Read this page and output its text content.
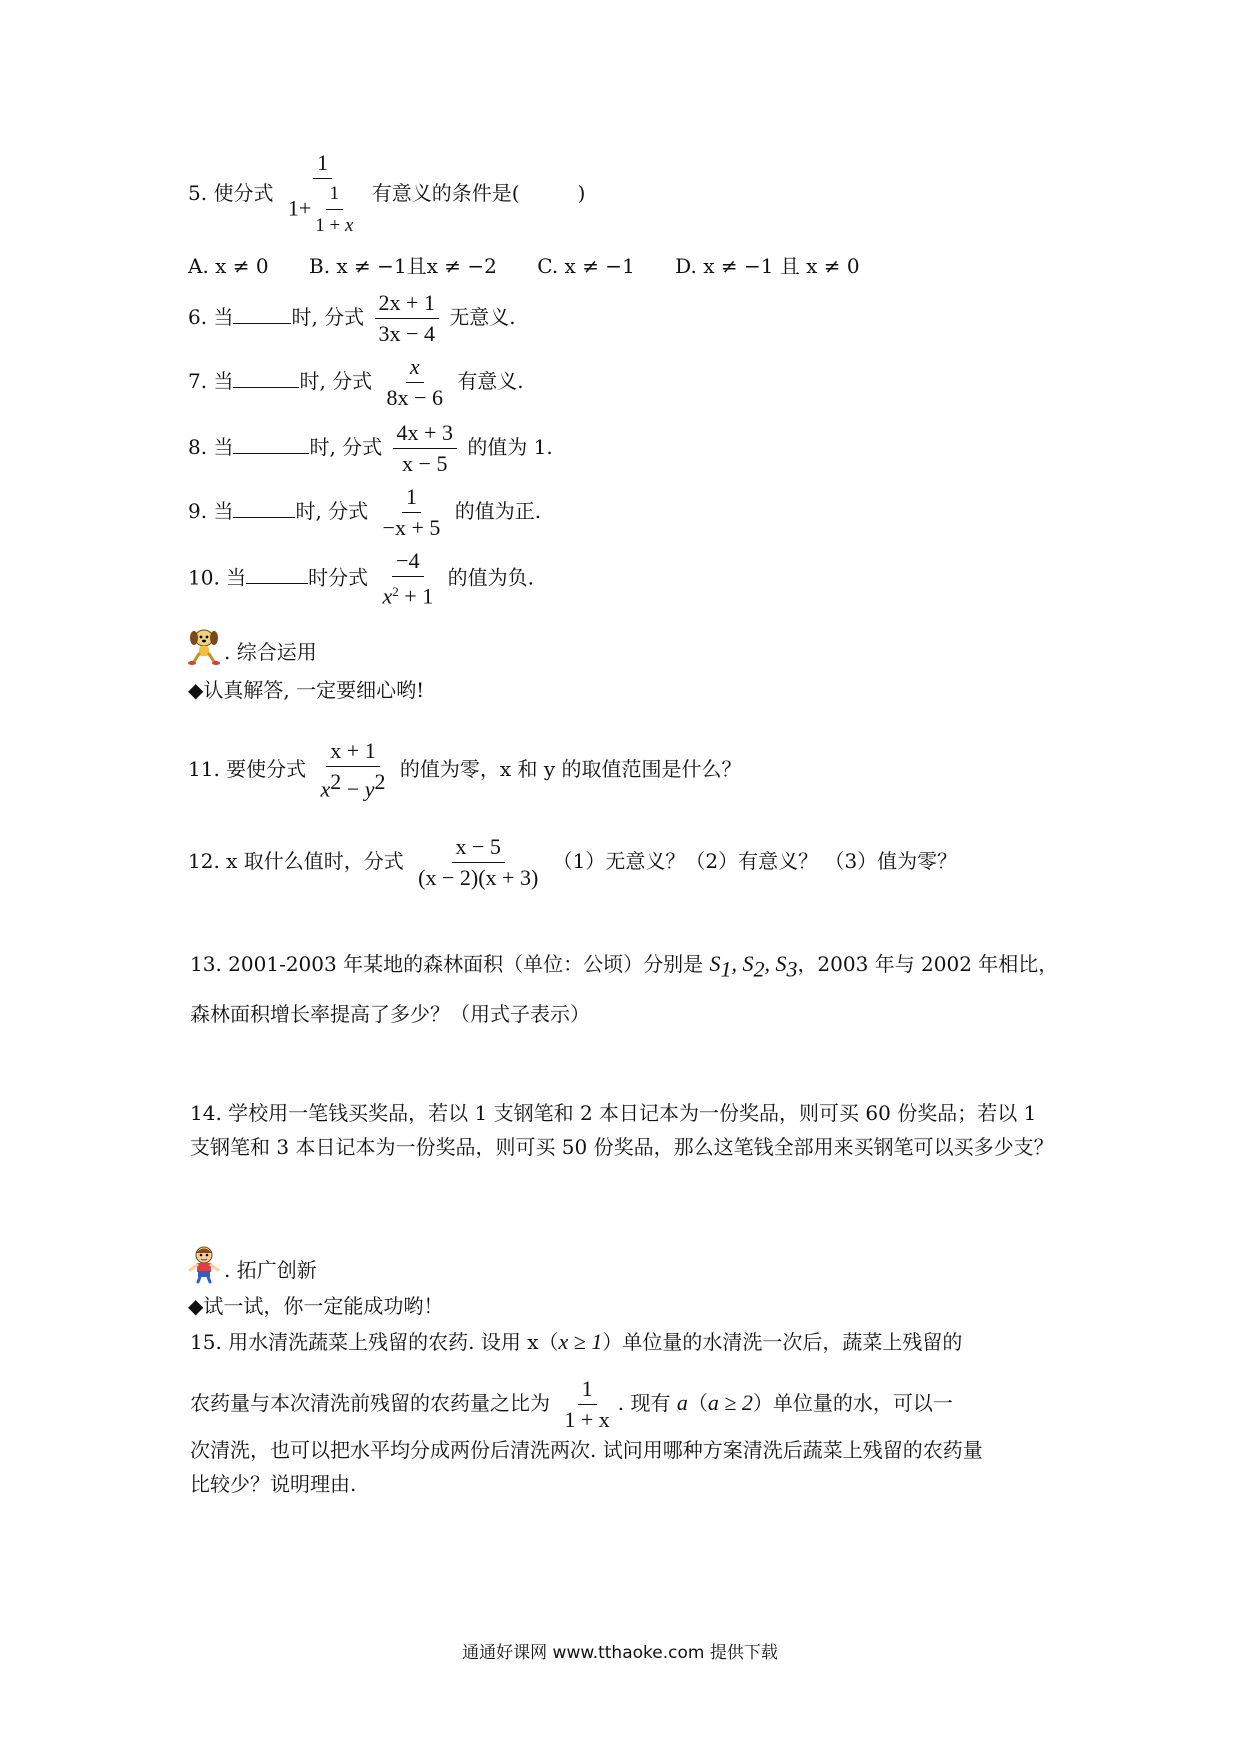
5. 使分式 $\frac{1}{1+ \frac{1}{1 + x}}$ 有意义的条件是(	)
A. x ≠ 0 B. x ≠ −1且x ≠ −2 C. x ≠ −1 D. x ≠ −1 且 x ≠ 0
6. 当	时, 分式 $\frac{2x + 1}{3x - 4}$ 无意义.
7. 当	时, 分式 $\frac{x}{8x - 6}$ 有意义.
8. 当	时, 分式 $\frac{4x + 3}{x - 5}$ 的值为 1.
9. 当	时, 分式 $\frac{1}{-x + 5}$ 的值为正.
10. 当	时分式 $\frac{-4}{x^2 + 1}$ 的值为负.
. 综合运用
◆认真解答, 一定要细心哟!
11. 要使分式 $\frac{x + 1}{x^2 - y^2}$ 的值为零，x 和 y 的取值范围是什么？
12. x 取什么值时，分式 $\frac{x - 5}{(x - 2)(x + 3)} (1)$无意义？（2）有意义？ （3）值为零？
13. 2001-2003 年某地的森林面积（单位：公顷）分别是 $S_1$, $S_2$, $S_3$，2003 年与 2002 年相比，
森林面积增长率提高了多少？（用式子表示）
14. 学校用一笔钱买奖品，若以 1 支钢笔和 2 本日记本为一份奖品，则可买 60 份奖品；若以 1 支钢笔和 3 本日记本为一份奖品，则可买 50 份奖品，那么这笔钱全部用来买钢笔可以买多少支？
. 拓广创新
◆试一试，你一定能成功哟！
15. 用水清洗蔬菜上残留的农药. 设用 x（x ≥ 1）单位量的水清洗一次后，蔬菜上残留的
农药量与本次清洗前残留的农药量之比为 $\frac{1}{1 + x}$ . 现有 a（a ≥ 2）单位量的水，可以一
次清洗，也可以把水平均分成两份后清洗两次. 试问用哪种方案清洗后蔬菜上残留的农药量
比较少？说明理由.
通通好课网 www.tthaoke.com 提供下载
